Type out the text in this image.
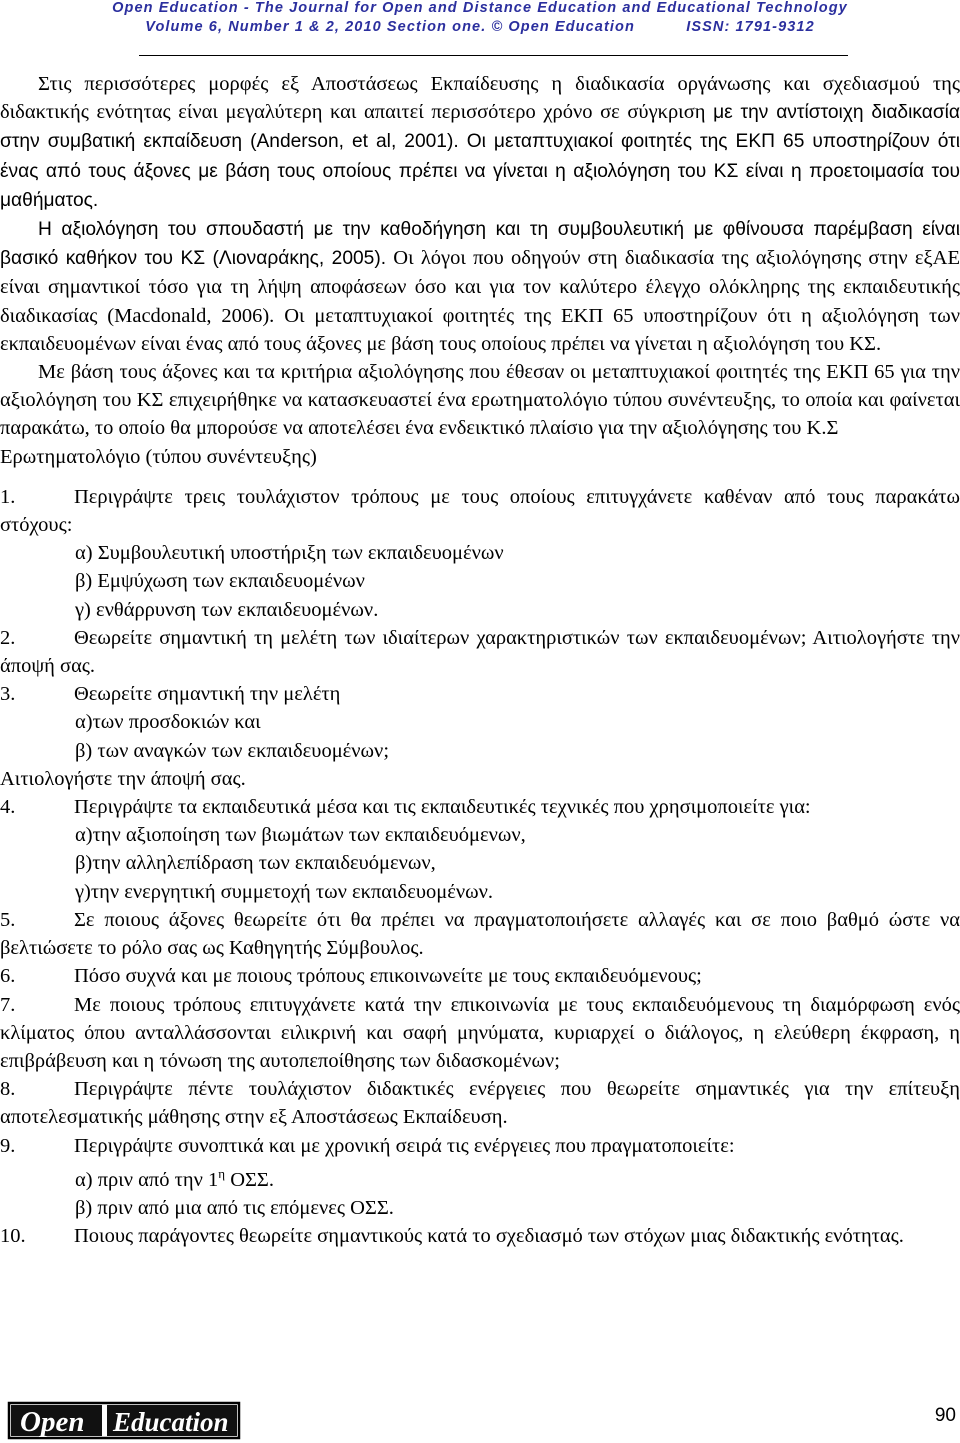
Open Education - The Journal for Open and Distance Education and Educational Technology
Volume 6, Number 1 & 2, 2010 Section one. © Open Education          ISSN: 1791-9312

Στις περισσότερες μορφές εξ Αποστάσεως Εκπαίδευσης η διαδικασία οργάνωσης και σχεδιασμού της διδακτικής ενότητας είναι μεγαλύτερη και απαιτεί περισσότερο χρόνο σε σύγκριση με την αντίστοιχη διαδικασία στην συμβατική εκπαίδευση (Anderson, et al, 2001). Οι μεταπτυχιακοί φοιτητές της ΕΚΠ 65 υποστηρίζουν ότι ένας από τους άξονες με βάση τους οποίους πρέπει να γίνεται η αξιολόγηση του ΚΣ είναι η προετοιμασία του μαθήματος.

Η αξιολόγηση του σπουδαστή με την καθοδήγηση και τη συμβουλευτική με φθίνουσα παρέμβαση είναι βασικό καθήκον του ΚΣ (Λιοναράκης, 2005). Οι λόγοι που οδηγούν στη διαδικασία της αξιολόγησης στην εξΑΕ είναι σημαντικοί τόσο για τη λήψη αποφάσεων όσο και για τον καλύτερο έλεγχο ολόκληρης της εκπαιδευτικής διαδικασίας (Macdonald, 2006). Οι μεταπτυχιακοί φοιτητές της ΕΚΠ 65 υποστηρίζουν ότι η αξιολόγηση των εκπαιδευομένων είναι ένας από τους άξονες με βάση τους οποίους πρέπει να γίνεται η αξιολόγηση του ΚΣ.

Με βάση τους άξονες και τα κριτήρια αξιολόγησης που έθεσαν οι μεταπτυχιακοί φοιτητές της ΕΚΠ 65 για την αξιολόγηση του ΚΣ επιχειρήθηκε να κατασκευαστεί ένα ερωτηματολόγιο τύπου συνέντευξης, το οποία και φαίνεται παρακάτω, το οποίο θα μπορούσε να αποτελέσει ένα ενδεικτικό πλαίσιο για την αξιολόγησης του Κ.Σ

Ερωτηματολόγιο (τύπου συνέντευξης)

1.	Περιγράψτε τρεις τουλάχιστον τρόπους με τους οποίους επιτυγχάνετε καθέναν από τους παρακάτω στόχους:

α) Συμβουλευτική υποστήριξη των εκπαιδευομένων

β) Εμψύχωση των εκπαιδευομένων

γ) ενθάρρυνση των εκπαιδευομένων.

2.	Θεωρείτε σημαντική τη μελέτη των ιδιαίτερων χαρακτηριστικών των εκπαιδευομένων; Αιτιολογήστε την άποψή σας.

3.	Θεωρείτε σημαντική την μελέτη

α)των προσδοκιών και

β) των αναγκών των εκπαιδευομένων;

Αιτιολογήστε την άποψή σας.

4.	Περιγράψτε τα εκπαιδευτικά μέσα και τις εκπαιδευτικές τεχνικές που χρησιμοποιείτε για:

α)την αξιοποίηση των βιωμάτων των εκπαιδευόμενων,

β)την αλληλεπίδραση των εκπαιδευόμενων,

γ)την ενεργητική συμμετοχή των εκπαιδευομένων.

5.	Σε ποιους άξονες θεωρείτε ότι θα πρέπει να πραγματοποιήσετε αλλαγές και σε ποιο βαθμό ώστε να βελτιώσετε το ρόλο σας ως Καθηγητής Σύμβουλος.

6.	Πόσο συχνά και με ποιους τρόπους επικοινωνείτε με τους εκπαιδευόμενους;

7.	Με ποιους τρόπους επιτυγχάνετε κατά την επικοινωνία με τους εκπαιδευόμενους τη διαμόρφωση ενός κλίματος όπου ανταλλάσσονται ειλικρινή και σαφή μηνύματα, κυριαρχεί ο διάλογος, η ελεύθερη έκφραση, η επιβράβευση και η τόνωση της αυτοπεποίθησης των διδασκομένων;

8.	Περιγράψτε πέντε τουλάχιστον διδακτικές ενέργειες που θεωρείτε σημαντικές για την επίτευξη αποτελεσματικής μάθησης στην εξ Αποστάσεως Εκπαίδευση.

9.	Περιγράψτε συνοπτικά και με χρονική σειρά τις ενέργειες που πραγματοποιείτε:

α) πριν από την $1^\eta$ ΟΣΣ.

β) πριν από μια από τις επόμενες ΟΣΣ.

10. Ποιους παράγοντες θεωρείτε σημαντικούς κατά το σχεδιασμό των στόχων μιας διδακτικής ενότητας.

Open Education	90
